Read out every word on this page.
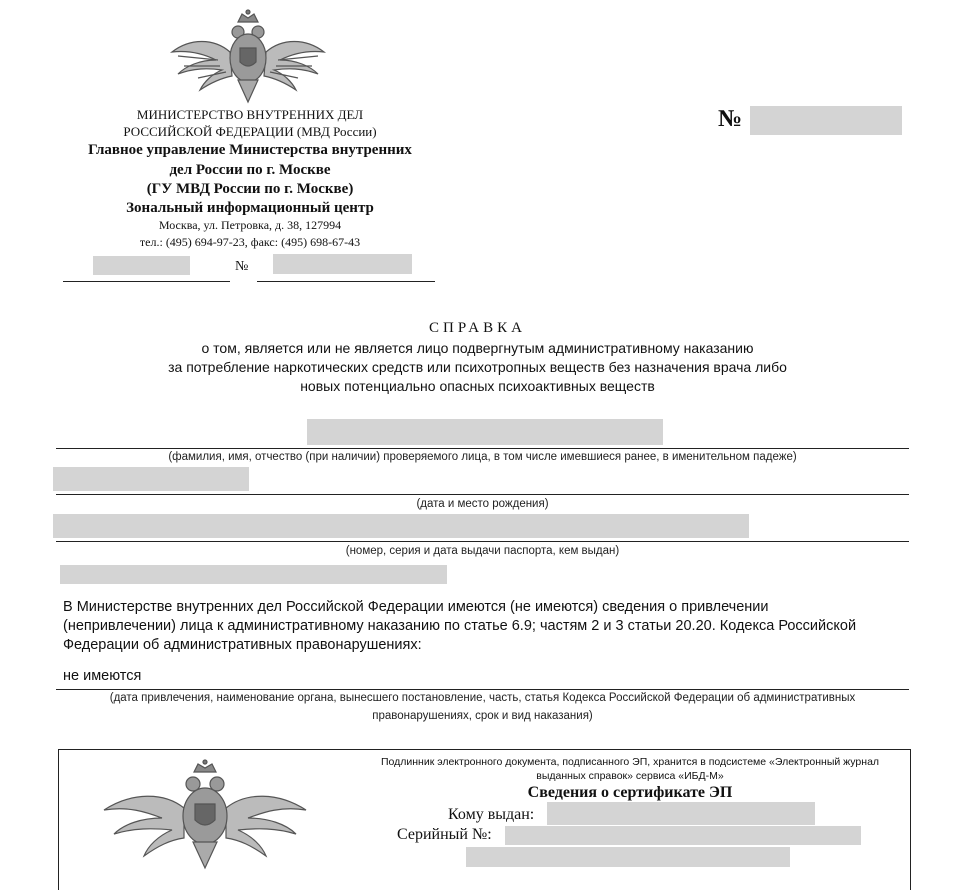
МИНИСТЕРСТВО ВНУТРЕННИХ ДЕЛ
РОССИЙСКОЙ ФЕДЕРАЦИИ (МВД России)
Главное управление Министерства внутренних
дел России по г. Москве
(ГУ МВД России по г. Москве)
Зональный информационный центр
Москва, ул. Петровка, д. 38, 127994
тел.: (495) 694-97-23, факс: (495) 698-67-43
№
№
СПРАВКА
о том, является или не является лицо подвергнутым административному наказанию
за потребление наркотических средств или психотропных веществ без назначения врача либо
новых потенциально опасных психоактивных веществ
(фамилия, имя, отчество (при наличии) проверяемого лица, в том числе имевшиеся ранее, в именительном падеже)
(дата и место рождения)
(номер, серия и дата выдачи паспорта, кем выдан)
В Министерстве внутренних дел Российской Федерации имеются (не имеются) сведения о привлечении
(непривлечении) лица к административному наказанию по статье 6.9; частям 2 и 3 статьи 20.20. Кодекса Российской
Федерации об административных правонарушениях:
не имеются
(дата привлечения, наименование органа, вынесшего постановление, часть, статья Кодекса Российской Федерации об административных
правонарушениях, срок и вид наказания)
Подлинник электронного документа, подписанного ЭП, хранится в подсистеме «Электронный журнал
выданных справок» сервиса «ИБД-М»
Сведения о сертификате ЭП
Кому выдан:
Серийный №:
